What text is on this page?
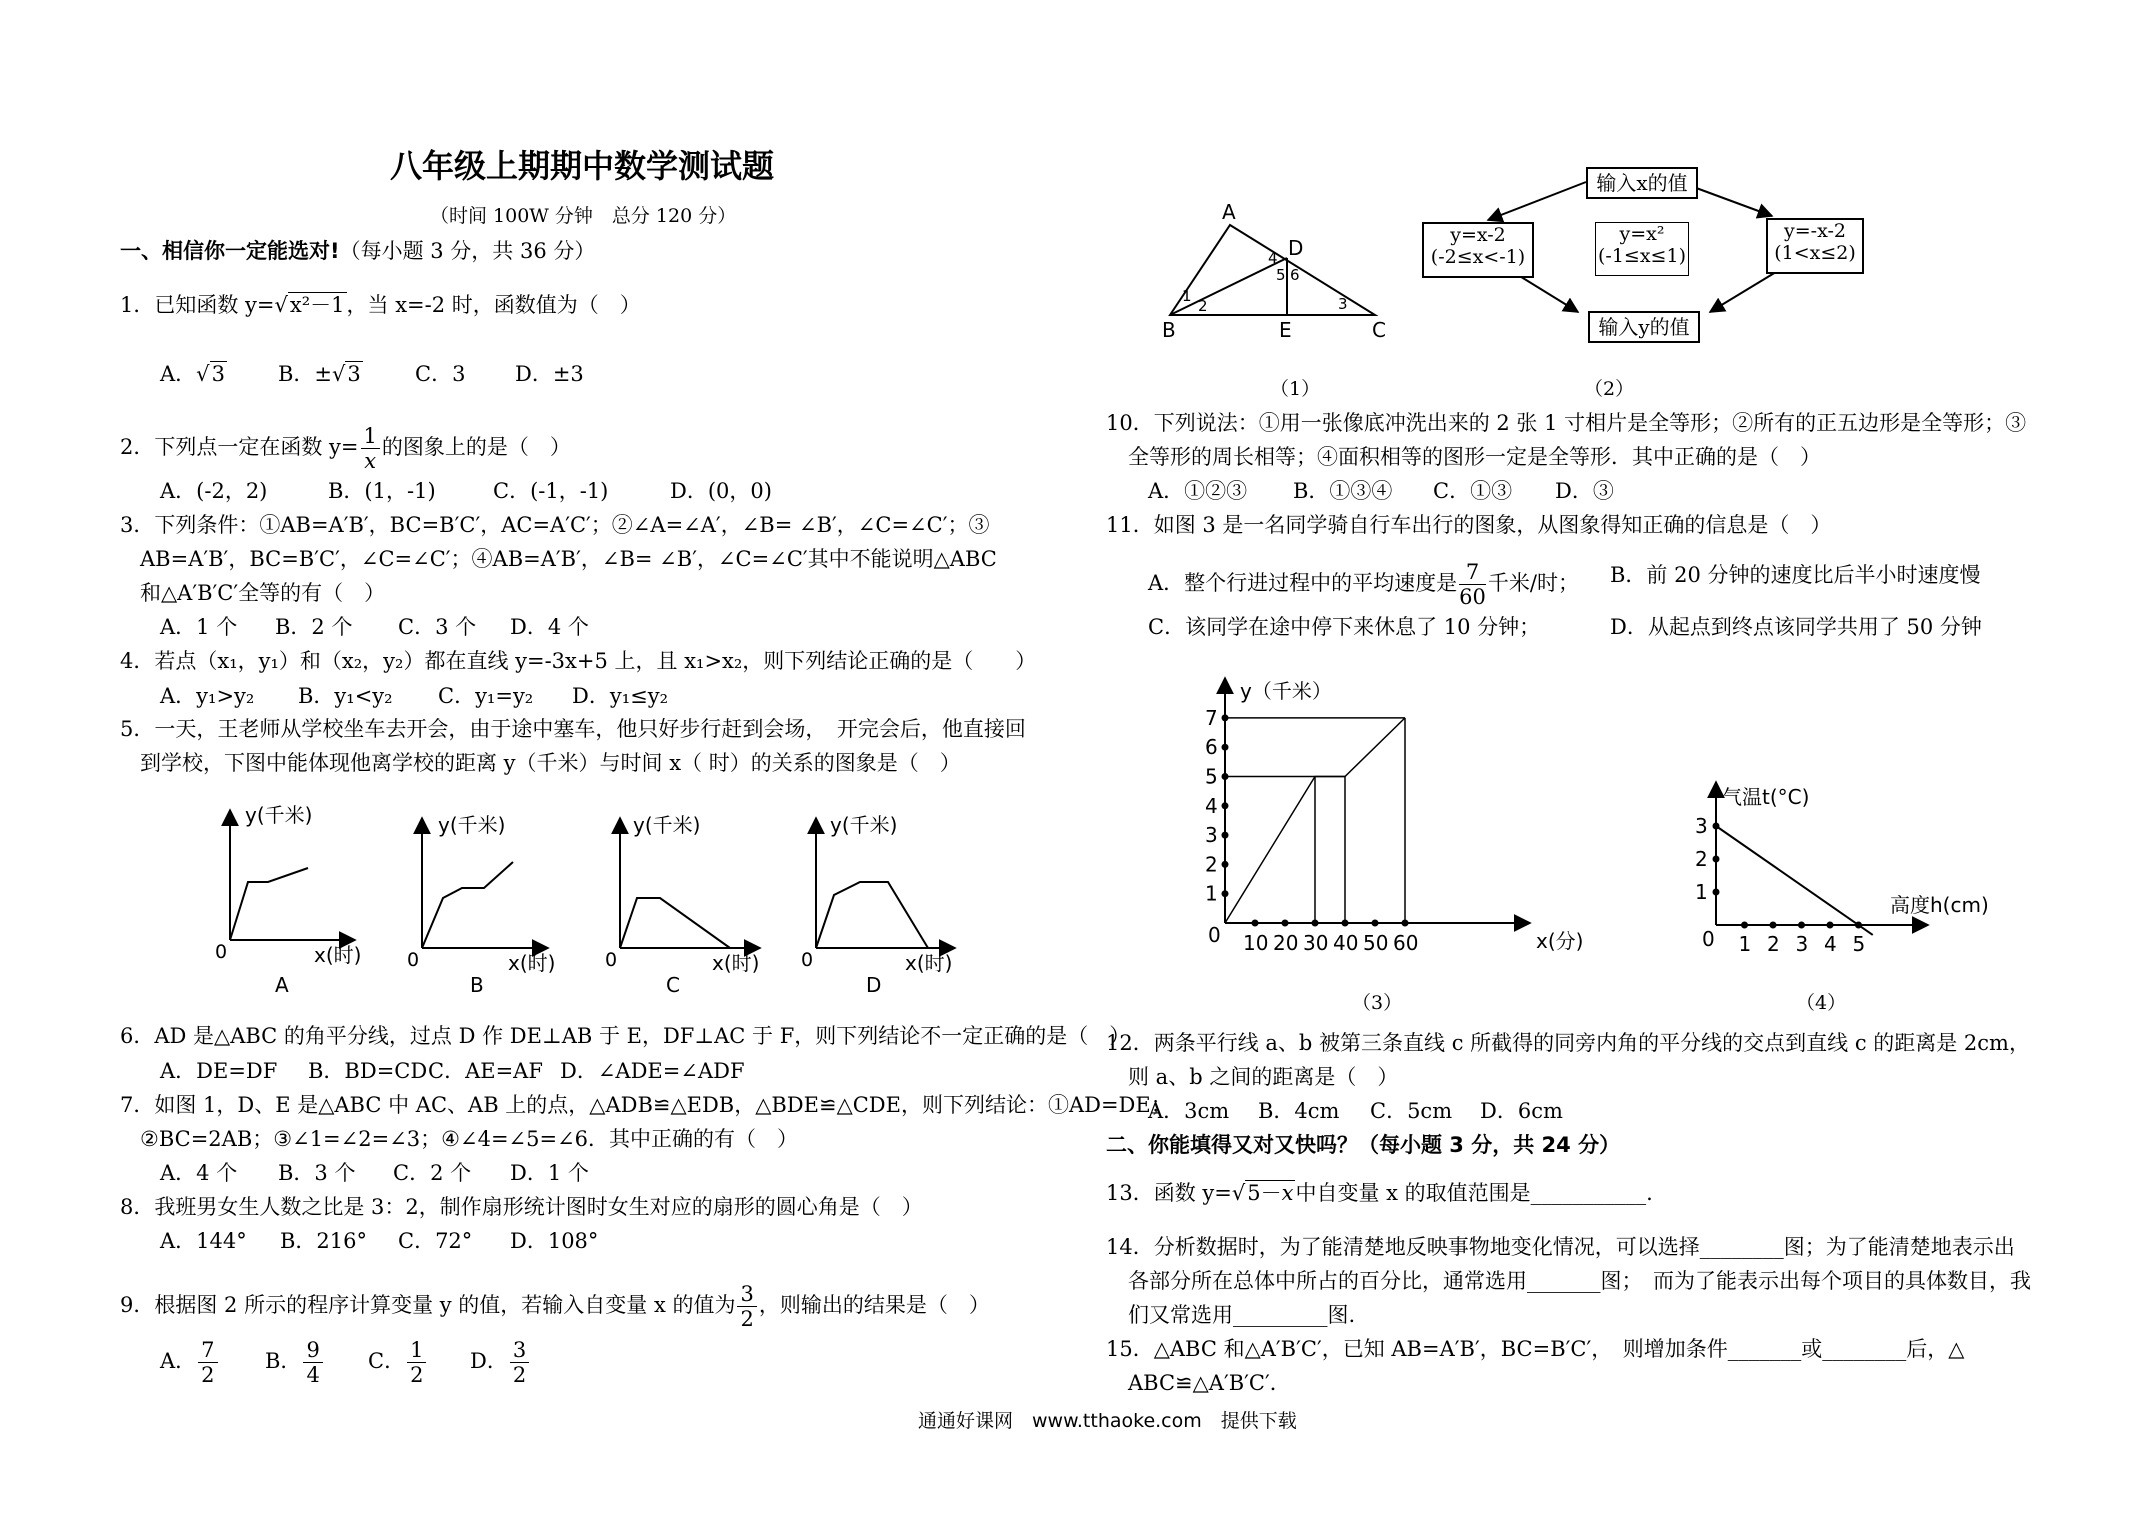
八年级上期期中数学测试题
（时间 100W 分钟　总分 120 分）
一、相信你一定能选对!（每小题 3 分，共 36 分）
1．已知函数 y=√x²－1，当 x=-2 时，函数值为（　）
A．√3	B．±√3	C．3 D．±3
2．下列点一定在函数 $y= \frac{1}{x}$ 的图象上的是（　）
A．(-2，2)	B．(1，-1)	C．(-1，-1)	D．(0，0)
3．下列条件：①AB=A′B′，BC=B′C′，AC=A′C′；②∠A=∠A′，∠B= ∠B′，∠C=∠C′；③
AB=A′B′，BC=B′C′，∠C=∠C′；④AB=A′B′，∠B= ∠B′，∠C=∠C′其中不能说明△ABC
和△A′B′C′全等的有（　）
A．1 个 B．2 个 C．3 个 D．4 个
4．若点（x₁，y₁）和（x₂，y₂）都在直线 y=-3x+5 上，且 x₁>x₂，则下列结论正确的是（　　）
A．y₁>y₂ B．y₁<y₂ C．y₁=y₂ D．y₁≤y₂
5．一天，王老师从学校坐车去开会，由于途中塞车，他只好步行赶到会场，　开完会后，他直接回
到学校，下图中能体现他离学校的距离 y（千米）与时间 x（ 时）的关系的图象是（　）
y(千米)
x(时)
0
A
y(千米)
x(时)
0
B
y(千米)
x(时)
0
C
y(千米)
x(时)
0
D
6．AD 是△ABC 的角平分线，过点 D 作 DE⊥AB 于 E，DF⊥AC 于 F，则下列结论不一定正确的是（　）
A．DE=DF B．BD=CD C．AE=AF D．∠ADE=∠ADF
7．如图 1，D、E 是△ABC 中 AC、AB 上的点，△ADB≌△EDB，△BDE≌△CDE，则下列结论：①AD=DE；
②BC=2AB；③∠1=∠2=∠3；④∠4=∠5=∠6．其中正确的有（　）
A．4 个 B．3 个 C．2 个 D．1 个
8．我班男女生人数之比是 3：2，制作扇形统计图时女生对应的扇形的圆心角是（　）
A．144° B．216° C．72° D．108°
9．根据图 2 所示的程序计算变量 y 的值，若输入自变量 x 的值为 $\frac{3}{2}$ ，则输出的结果是（　）
A． $\frac{7}{2}$ B． $\frac{9}{4}$ C． $\frac{1}{2}$ D． $\frac{3}{2}$
A
B	C
D
E
1
2	3
4
5 6
（1）
输入x的值
y=x-2
(-2≤x<-1)
y=x²
(-1≤x≤1)
y=-x-2
(1<x≤2)
输入y的值
（2）
10．下列说法：①用一张像底冲洗出来的 2 张 1 寸相片是全等形；②所有的正五边形是全等形；③
全等形的周长相等；④面积相等的图形一定是全等形．其中正确的是（　）
A．①②③ B．①③④ C．①③ D．③
11．如图 3 是一名同学骑自行车出行的图象，从图象得知正确的信息是（　）
A．整个行进过程中的平均速度是 $\frac{7}{60}$ 千米/时； B．前 20 分钟的速度比后半小时速度慢
C．该同学在途中停下来休息了 10 分钟；	D．从起点到终点该同学共用了 50 分钟
y（千米）
x(分)
0
1
2
3
4
5
6
7
10 20 30 40 50 60
气温t(°C)
高度h(cm)
0
1
2
3
1 2 3 4 5
（3）	（4）
12．两条平行线 a、b 被第三条直线 c 所截得的同旁内角的平分线的交点到直线 c 的距离是 2cm，
则 a、b 之间的距离是（　）
A．3cm B．4cm C．5cm D．6cm
二、你能填得又对又快吗？（每小题 3 分，共 24 分）
13．函数 y=√5－x中自变量 x 的取值范围是___________.
14．分析数据时，为了能清楚地反映事物地变化情况，可以选择________图；为了能清楚地表示出
各部分所在总体中所占的百分比，通常选用_______图；　而为了能表示出每个项目的具体数目，我
们又常选用_________图.
15．△ABC 和△A′B′C′，已知 AB=A′B′，BC=B′C′，　则增加条件_______或________后，△
ABC≌△A′B′C′．
通通好课网　www.tthaoke.com　提供下载
